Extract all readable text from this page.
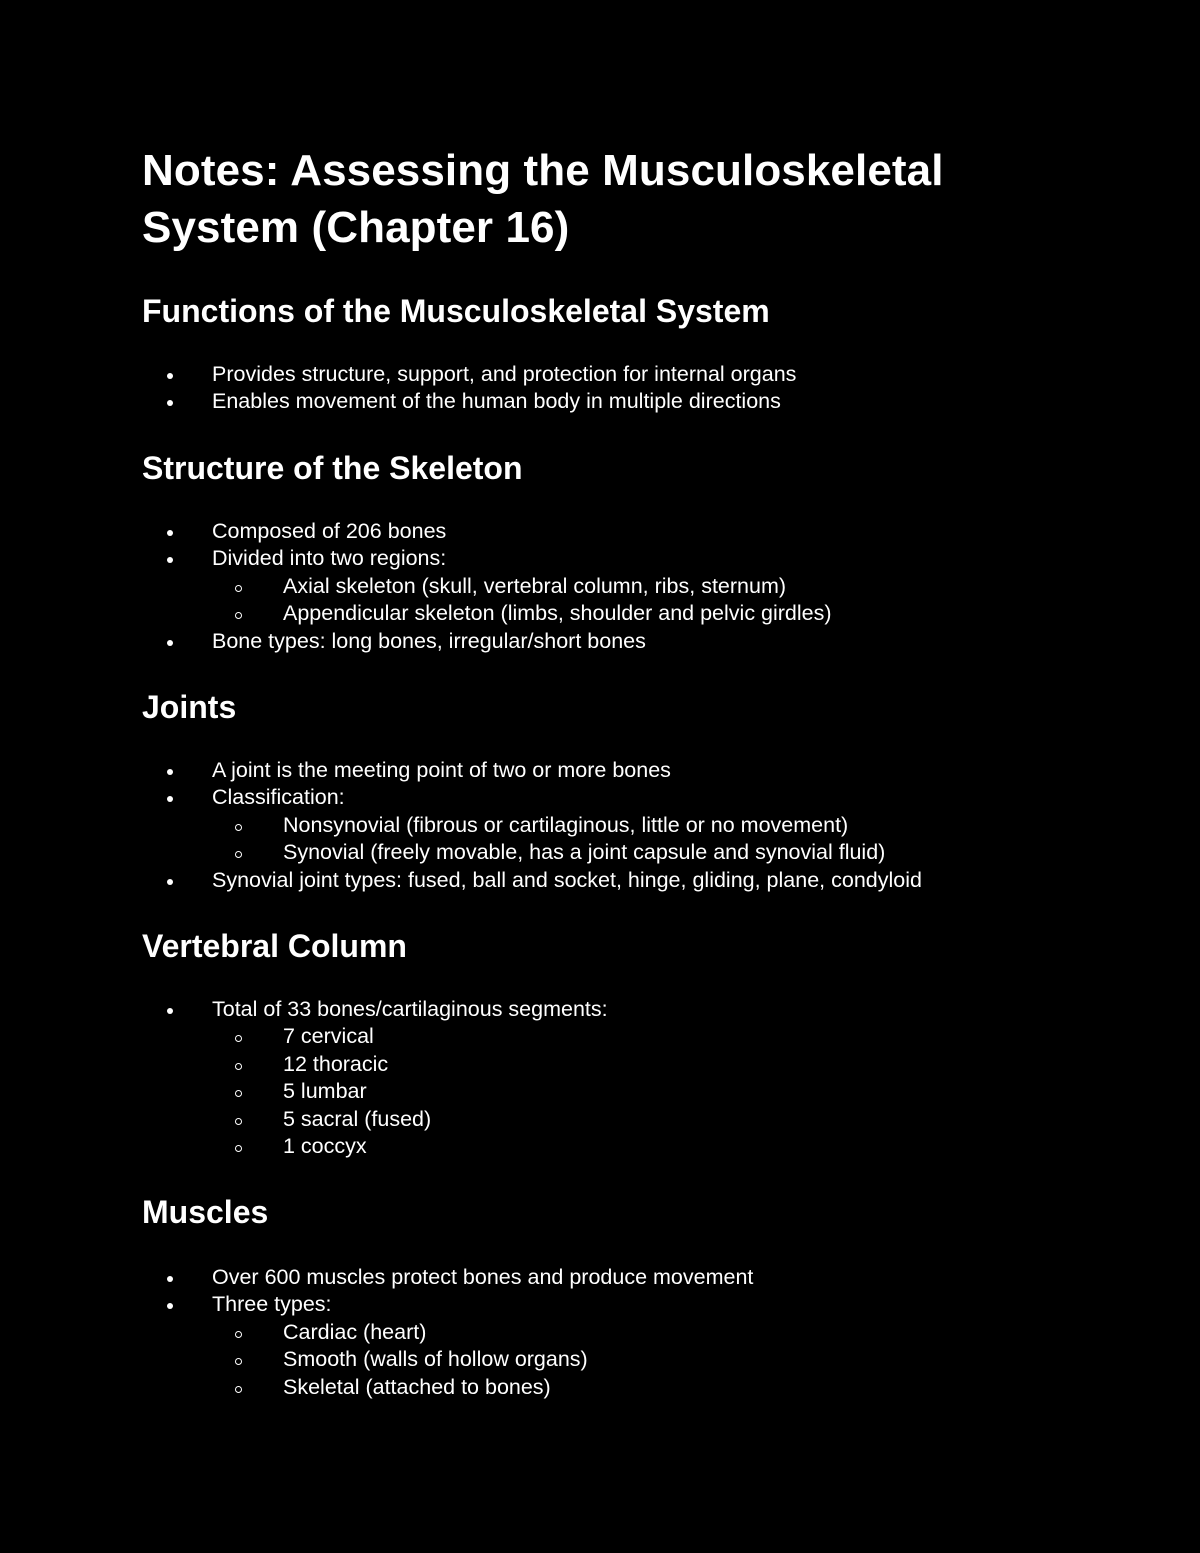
Notes: Assessing the Musculoskeletal System (Chapter 16)
Functions of the Musculoskeletal System
Provides structure, support, and protection for internal organs
Enables movement of the human body in multiple directions
Structure of the Skeleton
Composed of 206 bones
Divided into two regions:
Axial skeleton (skull, vertebral column, ribs, sternum)
Appendicular skeleton (limbs, shoulder and pelvic girdles)
Bone types: long bones, irregular/short bones
Joints
A joint is the meeting point of two or more bones
Classification:
Nonsynovial (fibrous or cartilaginous, little or no movement)
Synovial (freely movable, has a joint capsule and synovial fluid)
Synovial joint types: fused, ball and socket, hinge, gliding, plane, condyloid
Vertebral Column
Total of 33 bones/cartilaginous segments:
7 cervical
12 thoracic
5 lumbar
5 sacral (fused)
1 coccyx
Muscles
Over 600 muscles protect bones and produce movement
Three types:
Cardiac (heart)
Smooth (walls of hollow organs)
Skeletal (attached to bones)
